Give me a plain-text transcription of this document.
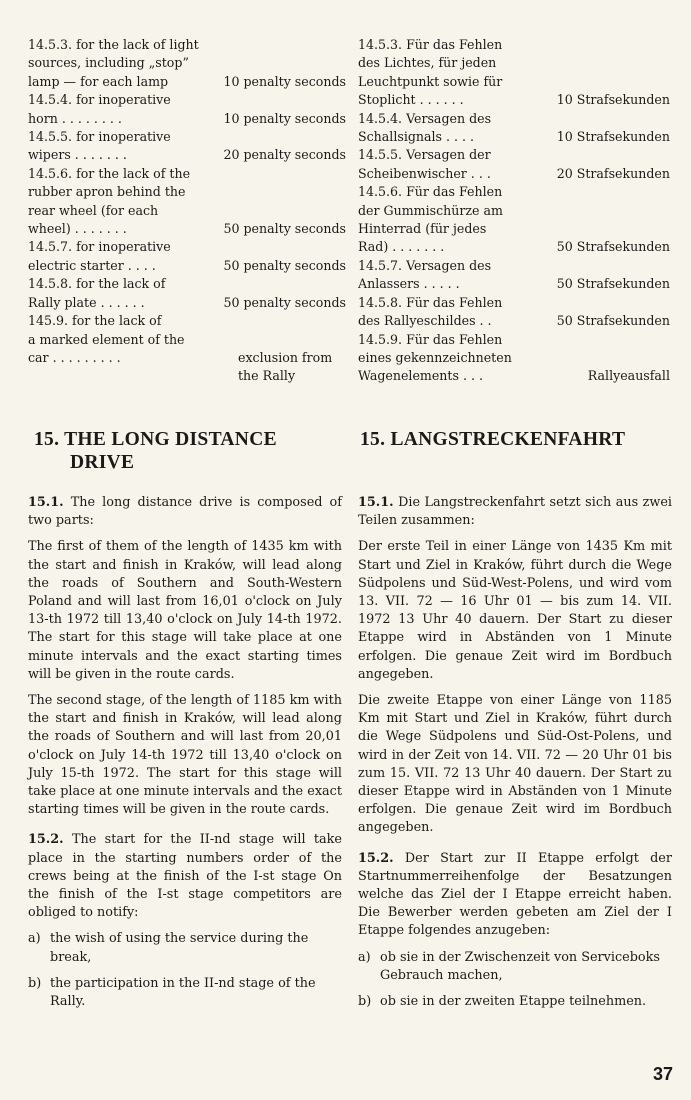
14.5.3. for the lack of light
sources, including „stop”
lamp — for each lamp	10 penalty seconds
14.5.4. for inoperative
horn . . . . . . . .	10 penalty seconds
14.5.5. for inoperative
wipers . . . . . . .	20 penalty seconds
14.5.6. for the lack of the
rubber apron behind the
rear wheel (for each
wheel) . . . . . . .	50 penalty seconds
14.5.7. for inoperative
electric starter . . . .	50 penalty seconds
14.5.8. for the lack of
Rally plate . . . . . .	50 penalty seconds
145.9. for the lack of
a marked element of the
car . . . . . . . . .	exclusion from
the Rally
14.5.3. Für das Fehlen
des Lichtes, für jeden
Leuchtpunkt sowie für
Stoplicht . . . . . .	10 Strafsekunden
14.5.4. Versagen des
Schallsignals . . . .	10 Strafsekunden
14.5.5. Versagen der
Scheibenwischer . . .	20 Strafsekunden
14.5.6. Für das Fehlen
der Gummischürze am
Hinterrad (für jedes
Rad) . . . . . . .	50 Strafsekunden
14.5.7. Versagen des
Anlassers . . . . .	50 Strafsekunden
14.5.8. Für das Fehlen
des Rallyeschildes . .	50 Strafsekunden
14.5.9. Für das Fehlen
eines gekennzeichneten
Wagenelements . . .	Rallyeausfall
15. THE LONG DISTANCE
DRIVE
15. LANGSTRECKENFAHRT

15.1. The long distance drive is composed of two parts:

The first of them of the length of 1435 km with the start and finish in Kraków, will lead along the roads of Southern and South-Western Poland and will last from 16,01 o'clock on July 13-th 1972 till 13,40 o'clock on July 14-th 1972. The start for this stage will take place at one minute intervals and the exact starting times will be given in the route cards.

The second stage, of the length of 1185 km with the start and finish in Kraków, will lead along the roads of Southern and will last from 20,01 o'clock on July 14-th 1972 till 13,40 o'clock on July 15-th 1972. The start for this stage will take place at one minute intervals and the exact starting times will be given in the route cards.

15.2. The start for the II-nd stage will take place in the starting numbers order of the crews being at the finish of the I-st stage On the finish of the I-st stage competitors are obliged to notify:

a) the wish of using the service during the break,
b) the participation in the II-nd stage of the Rally.

15.1. Die Langstreckenfahrt setzt sich aus zwei Teilen zusammen:

Der erste Teil in einer Länge von 1435 Km mit Start und Ziel in Kraków, führt durch die Wege Südpolens und Süd-West-Polens, und wird vom 13. VII. 72 — 16 Uhr 01 — bis zum 14. VII. 1972 13 Uhr 40 dauern. Der Start zu dieser Etappe wird in Abständen von 1 Minute erfolgen. Die genaue Zeit wird im Bordbuch angegeben.

Die zweite Etappe von einer Länge von 1185 Km mit Start und Ziel in Kraków, führt durch die Wege Südpolens und Süd-Ost-Polens, und wird in der Zeit von 14. VII. 72 — 20 Uhr 01 bis zum 15. VII. 72 13 Uhr 40 dauern. Der Start zu dieser Etappe wird in Abständen von 1 Minute erfolgen. Die genaue Zeit wird im Bordbuch angegeben.

15.2. Der Start zur II Etappe erfolgt der Startnummerreihenfolge der Besatzungen welche das Ziel der I Etappe erreicht haben. Die Bewerber werden gebeten am Ziel der I Etappe folgendes anzugeben:

a) ob sie in der Zwischenzeit von Serviceboks Gebrauch machen,
b) ob sie in der zweiten Etappe teilnehmen.
37
